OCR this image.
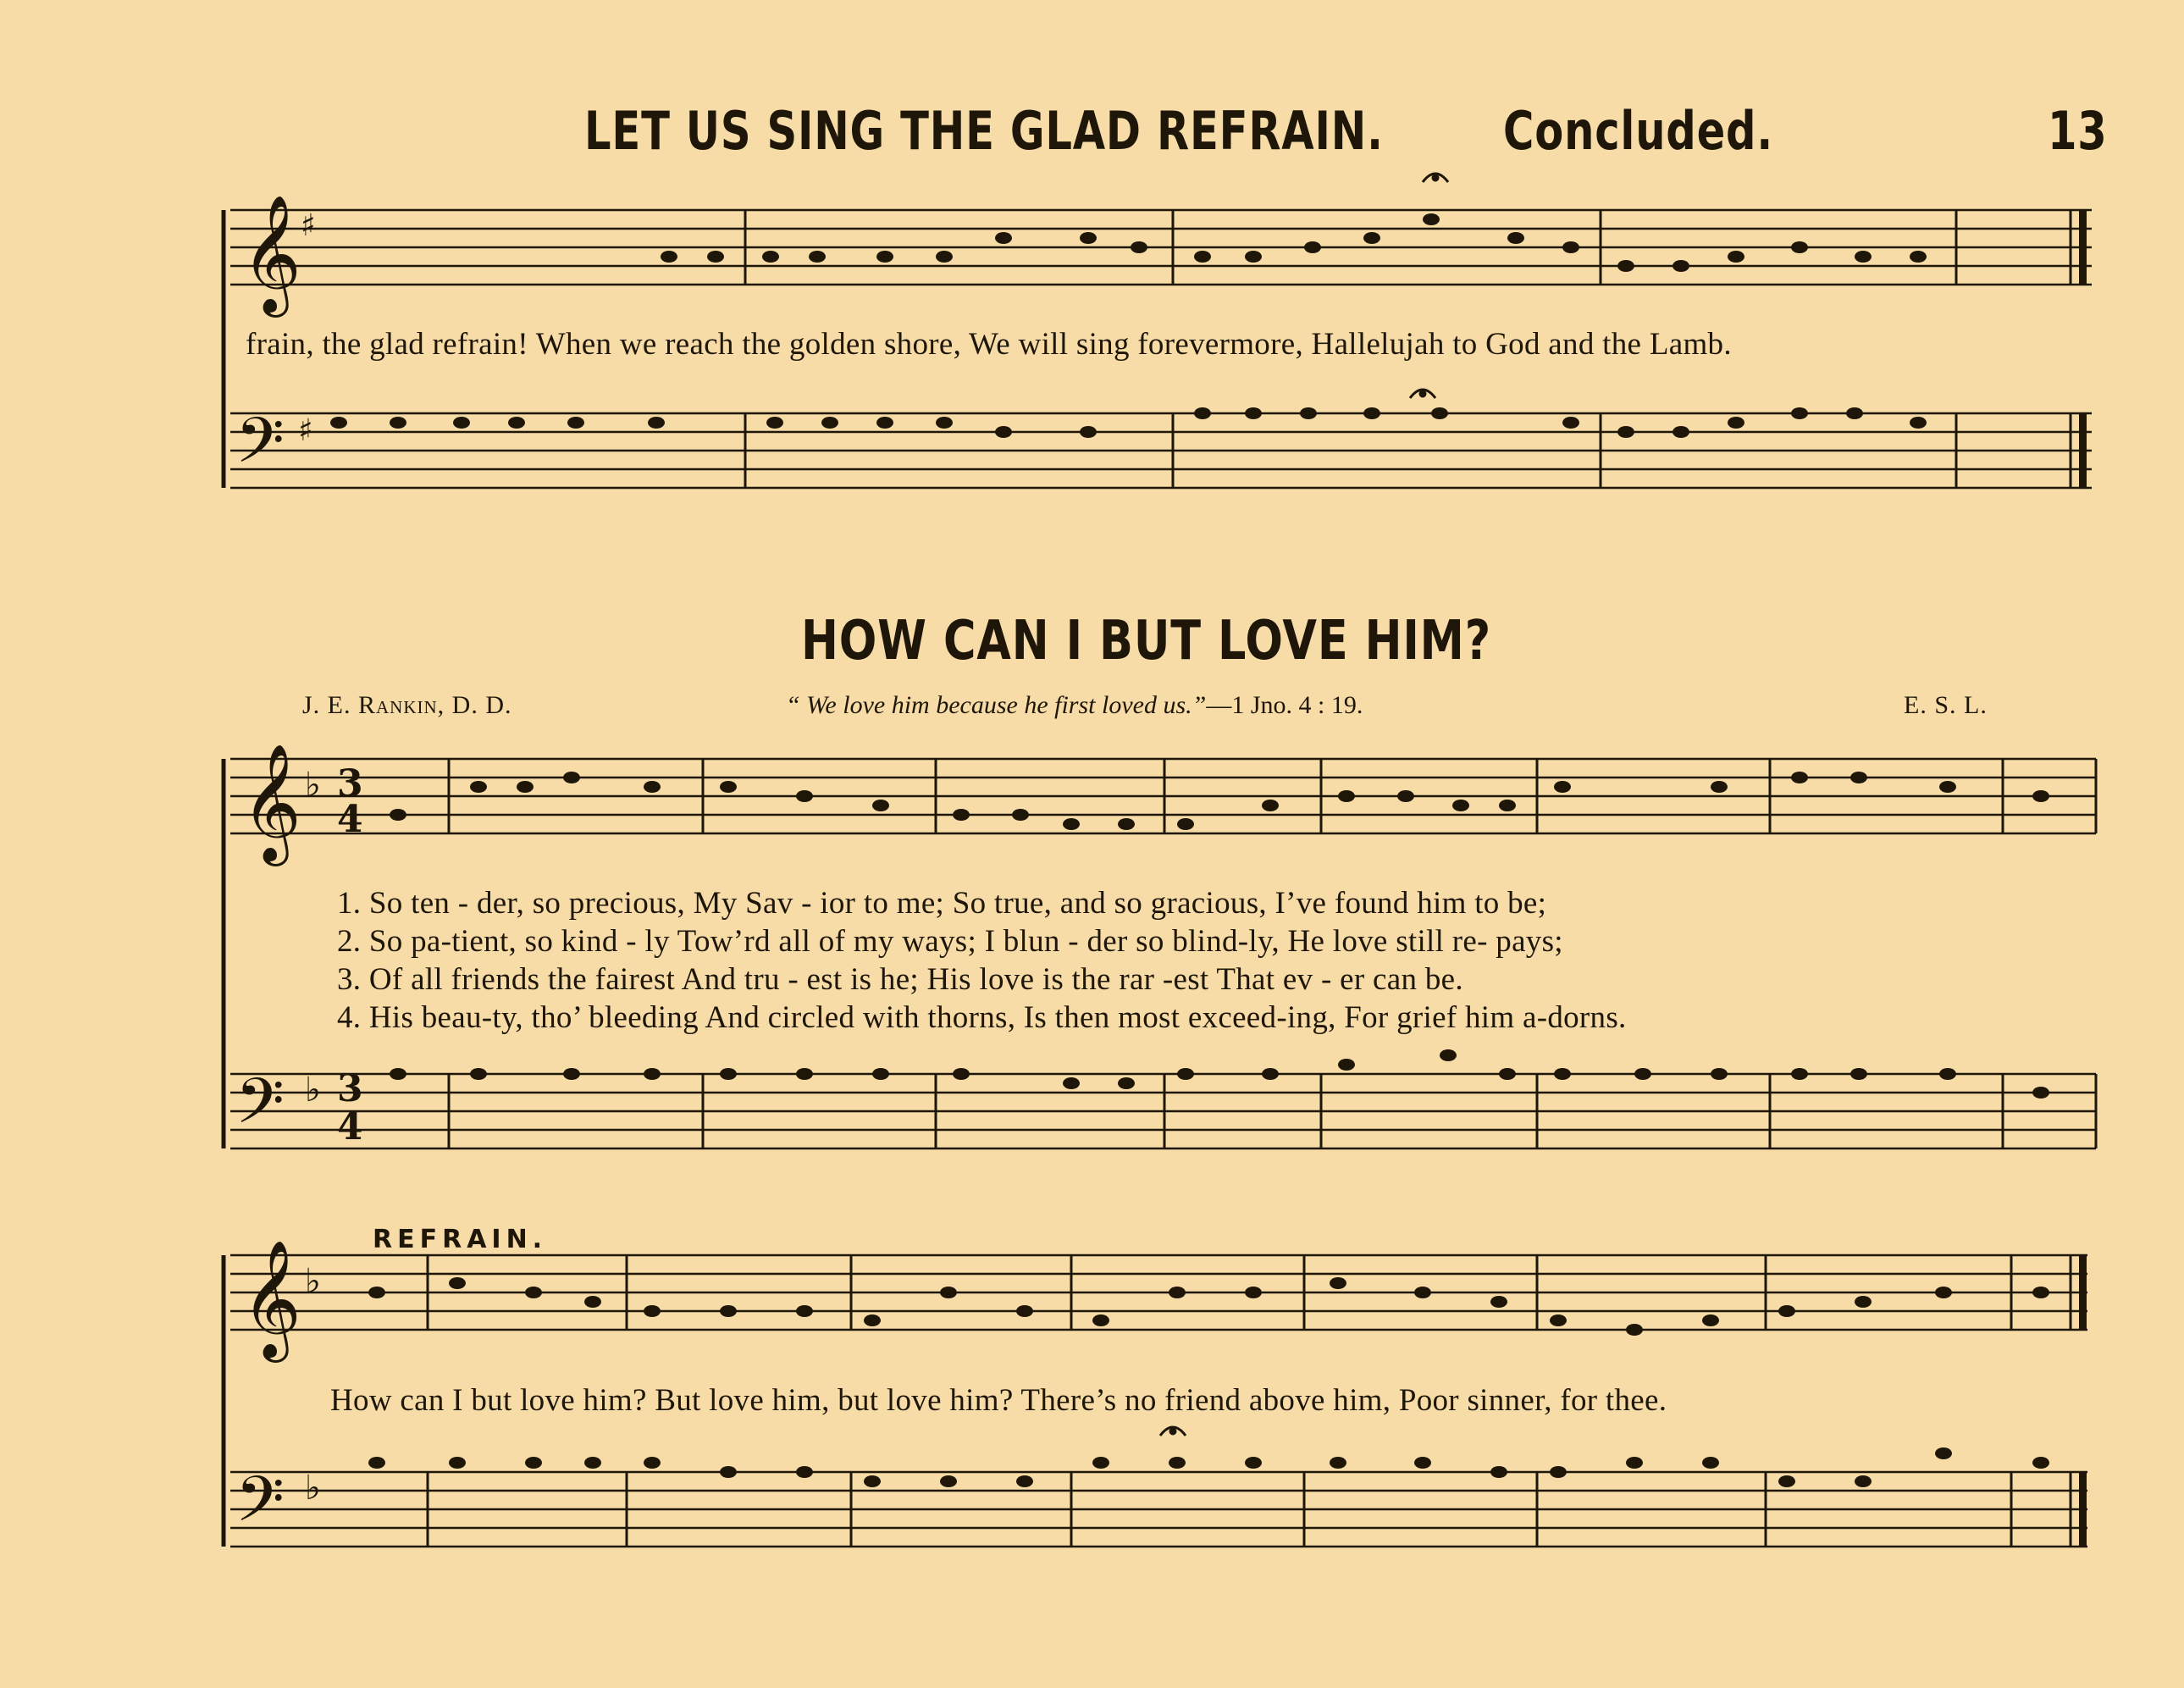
𝄞 ♯
𝄢 ♯
𝄞 ♭ 3
4
𝄢 ♭ 3
4
𝄞 ♭
𝄢 ♭
LET US SING THE GLAD REFRAIN. Concluded.	13
frain, the glad refrain! When we reach the golden shore, We will sing forevermore, Hallelujah to God and the Lamb.
HOW CAN I BUT LOVE HIM?
J. E. Rankin, D. D.	“ We love him because he first loved us.”—1 Jno. 4 : 19.	E. S. L.
1. So ten - der, so precious, My Sav - ior to me; So true, and so gracious, I’ve found him to be;
2. So pa-tient, so kind - ly Tow’rd all of my ways; I blun - der so blind-ly, He love still re- pays;
3. Of all friends the fairest And tru - est is he; His love is the rar -est That ev - er can be.
4. His beau-ty, tho’ bleeding And circled with thorns, Is then most exceed-ing, For grief him a-dorns.
REFRAIN.
How can I but love him? But love him, but love him? There’s no friend above him, Poor sinner, for thee.
